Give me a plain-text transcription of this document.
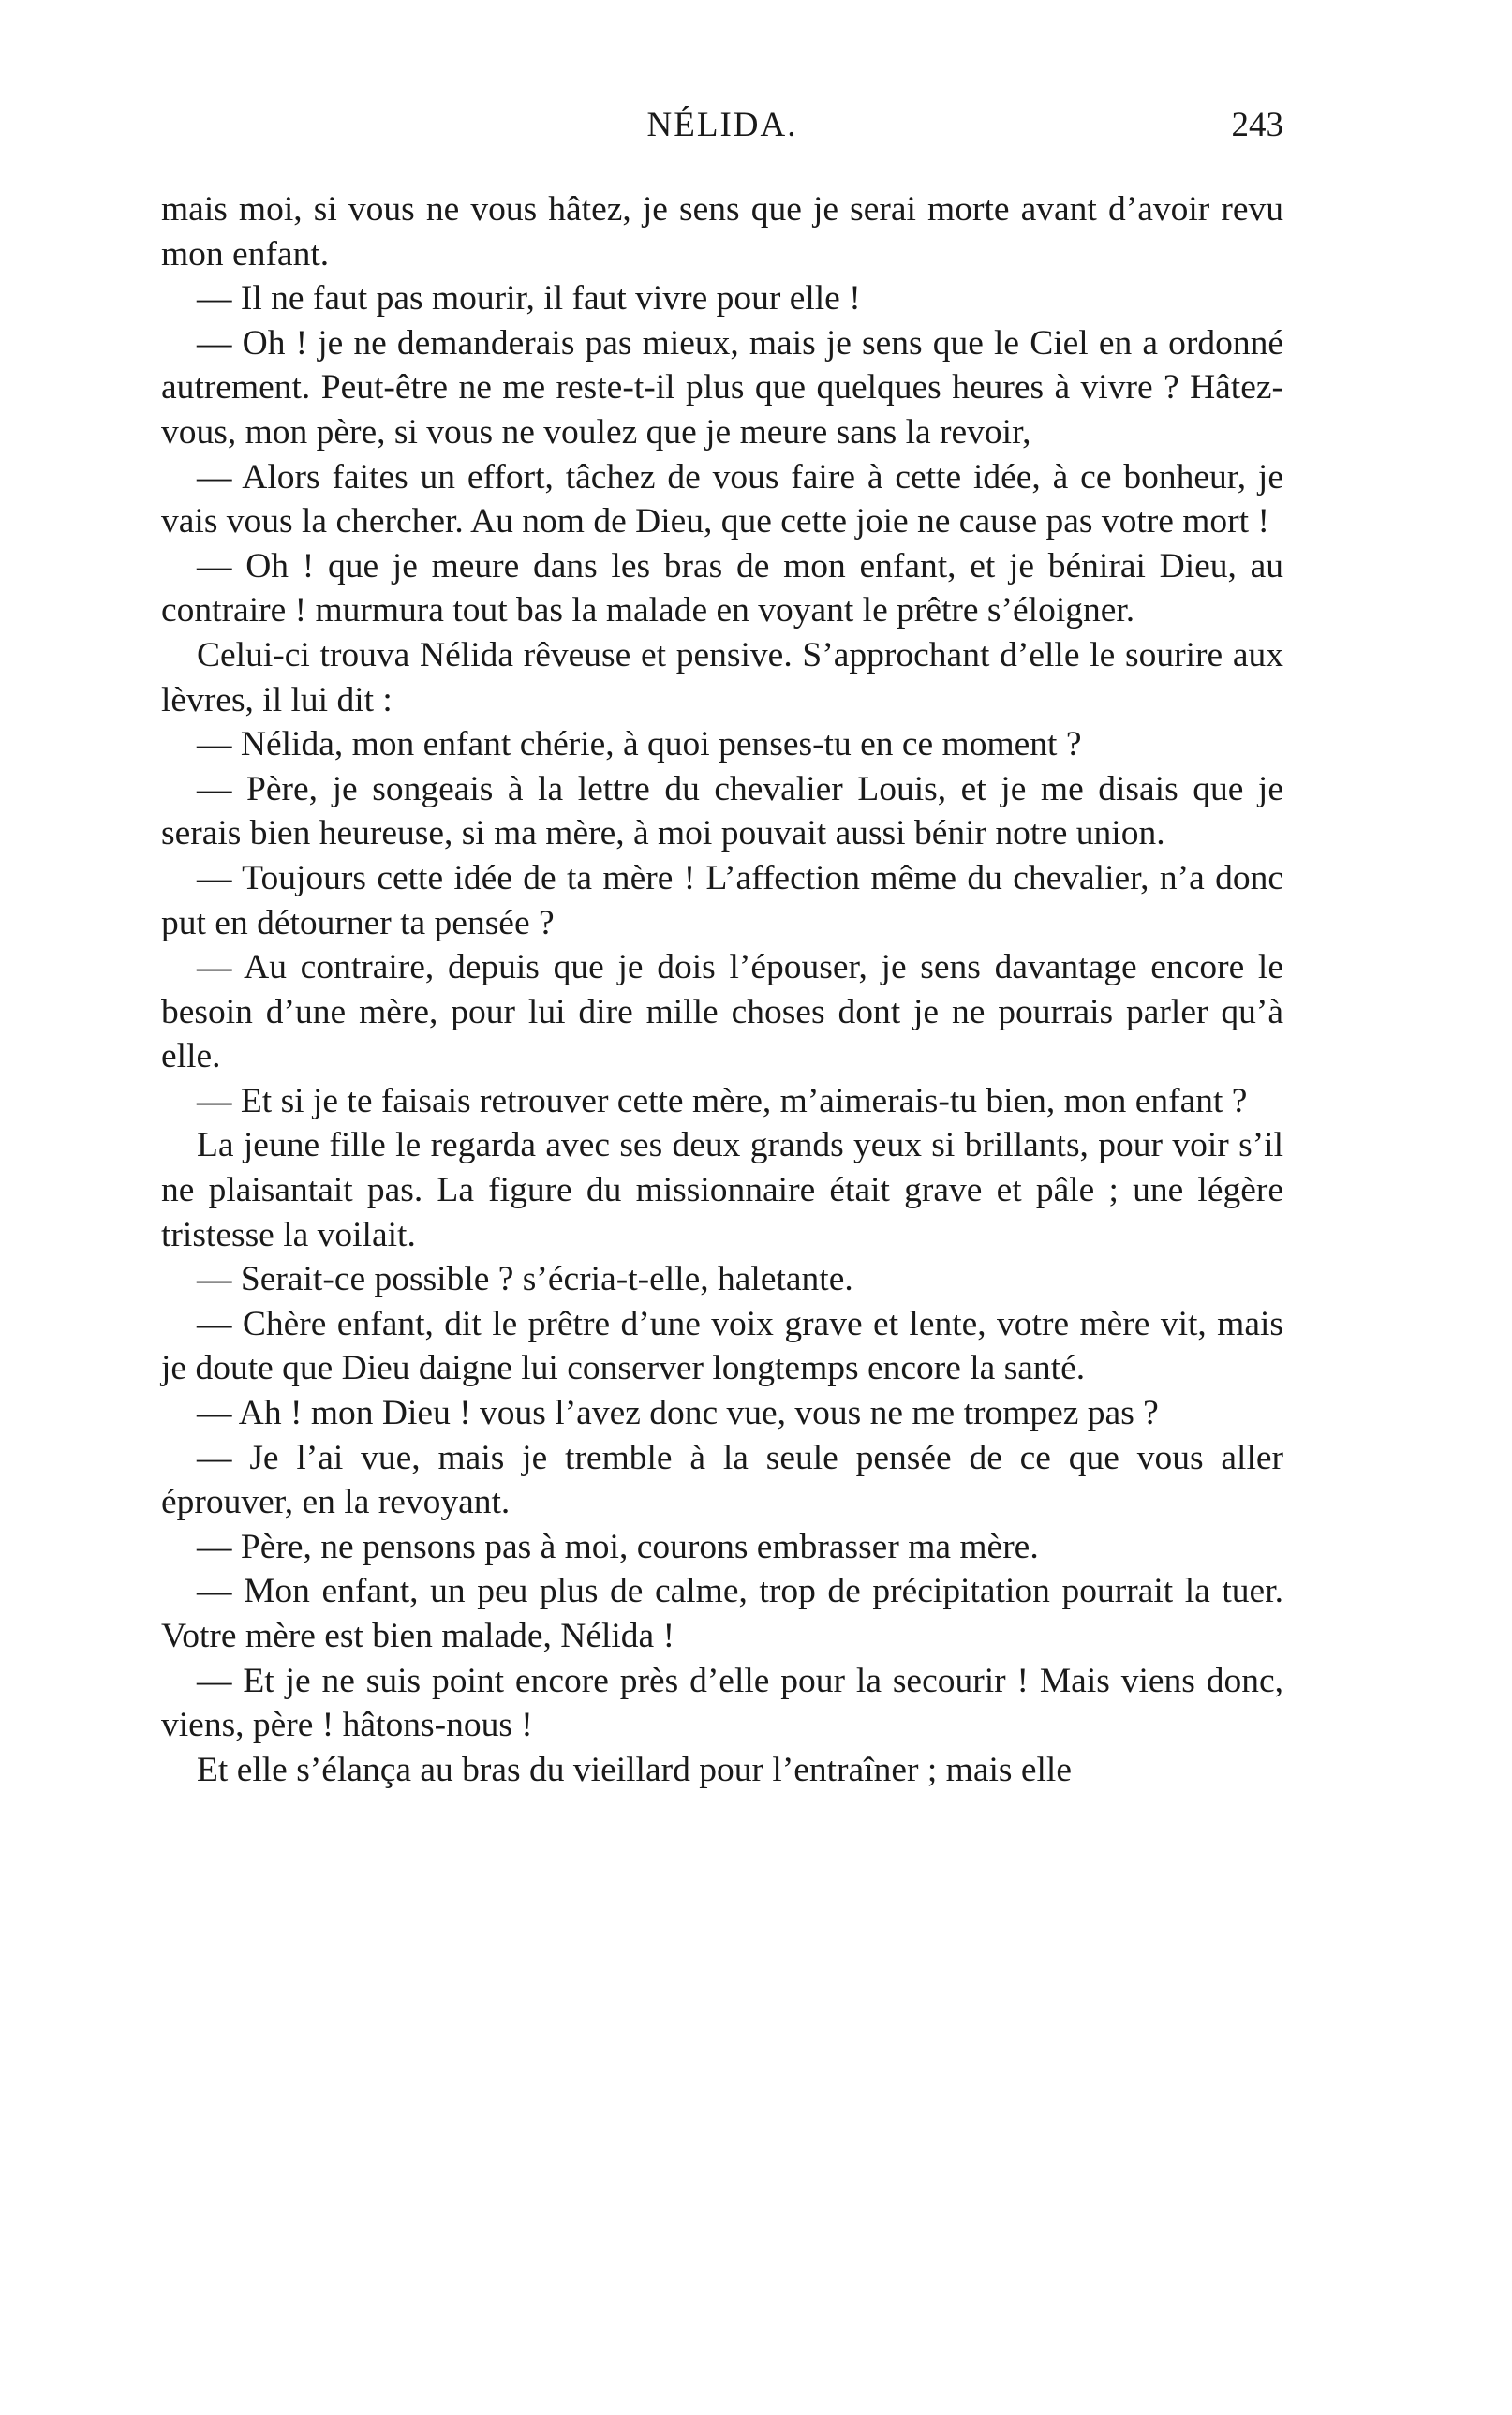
NÉLIDA.	243

mais moi, si vous ne vous hâtez, je sens que je serai morte avant d’avoir revu mon enfant.

— Il ne faut pas mourir, il faut vivre pour elle !

— Oh ! je ne demanderais pas mieux, mais je sens que le Ciel en a ordonné autrement. Peut-être ne me reste-t-il plus que quelques heures à vivre ? Hâtez-vous, mon père, si vous ne voulez que je meure sans la revoir,

— Alors faites un effort, tâchez de vous faire à cette idée, à ce bonheur, je vais vous la chercher. Au nom de Dieu, que cette joie ne cause pas votre mort !

— Oh ! que je meure dans les bras de mon enfant, et je bénirai Dieu, au contraire ! murmura tout bas la malade en voyant le prêtre s’éloigner.

Celui-ci trouva Nélida rêveuse et pensive. S’approchant d’elle le sourire aux lèvres, il lui dit :

— Nélida, mon enfant chérie, à quoi penses-tu en ce moment ?

— Père, je songeais à la lettre du chevalier Louis, et je me disais que je serais bien heureuse, si ma mère, à moi pouvait aussi bénir notre union.

— Toujours cette idée de ta mère ! L’affection même du chevalier, n’a donc put en détourner ta pensée ?

— Au contraire, depuis que je dois l’épouser, je sens davantage encore le besoin d’une mère, pour lui dire mille choses dont je ne pourrais parler qu’à elle.

— Et si je te faisais retrouver cette mère, m’aimerais-tu bien, mon enfant ?

La jeune fille le regarda avec ses deux grands yeux si brillants, pour voir s’il ne plaisantait pas. La figure du missionnaire était grave et pâle ; une légère tristesse la voilait.

— Serait-ce possible ? s’écria-t-elle, haletante.

— Chère enfant, dit le prêtre d’une voix grave et lente, votre mère vit, mais je doute que Dieu daigne lui conserver longtemps encore la santé.

— Ah ! mon Dieu ! vous l’avez donc vue, vous ne me trompez pas ?

— Je l’ai vue, mais je tremble à la seule pensée de ce que vous aller éprouver, en la revoyant.

— Père, ne pensons pas à moi, courons embrasser ma mère.

— Mon enfant, un peu plus de calme, trop de précipitation pourrait la tuer. Votre mère est bien malade, Nélida !

— Et je ne suis point encore près d’elle pour la secourir ! Mais viens donc, viens, père ! hâtons-nous !

Et elle s’élança au bras du vieillard pour l’entraîner ; mais elle
